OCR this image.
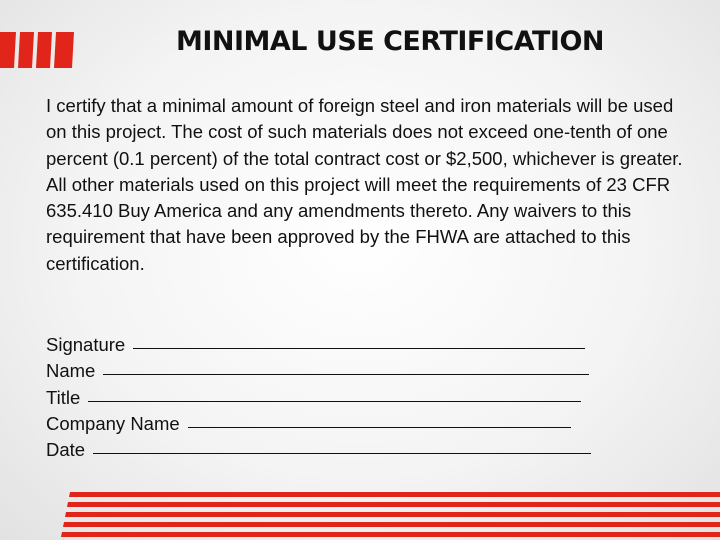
MINIMAL USE CERTIFICATION

I certify that a minimal amount of foreign steel and iron materials will be used on this project. The cost of such materials does not exceed one-tenth of one percent (0.1 percent) of the total contract cost or $2,500, whichever is greater. All other materials used on this project will meet the requirements of 23 CFR 635.410 Buy America and any amendments thereto. Any waivers to this requirement that have been approved by the FHWA are attached to this certification.

Signature
Name
Title
Company Name
Date
